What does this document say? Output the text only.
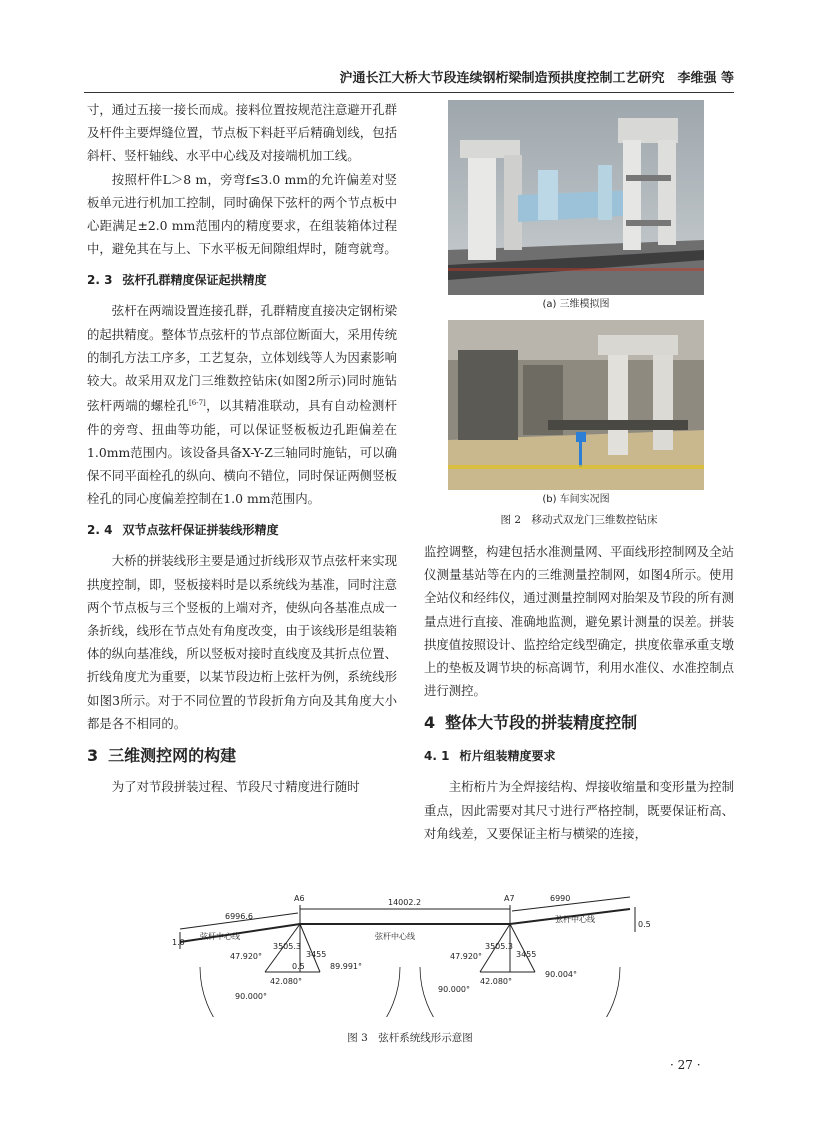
沪通长江大桥大节段连续钢桁梁制造预拱度控制工艺研究　李维强 等

寸，通过五接一接长而成。接料位置按规范注意避开孔群及杆件主要焊缝位置，节点板下料赶平后精确划线，包括斜杆、竖杆轴线、水平中心线及对接端机加工线。

按照杆件L＞8 m，旁弯f≤3.0 mm的允许偏差对竖板单元进行机加工控制，同时确保下弦杆的两个节点板中心距满足±2.0 mm范围内的精度要求，在组装箱体过程中，避免其在与上、下水平板无间隙组焊时，随弯就弯。

2. 3 弦杆孔群精度保证起拱精度

弦杆在两端设置连接孔群，孔群精度直接决定钢桁梁的起拱精度。整体节点弦杆的节点部位断面大，采用传统的制孔方法工序多，工艺复杂，立体划线等人为因素影响较大。故采用双龙门三维数控钻床(如图2所示)同时施钻弦杆两端的螺栓孔[6-7]，以其精准联动，具有自动检测杆件的旁弯、扭曲等功能，可以保证竖板板边孔距偏差在1.0mm范围内。该设备具备X-Y-Z三轴同时施钻，可以确保不同平面栓孔的纵向、横向不错位，同时保证两侧竖板栓孔的同心度偏差控制在1.0 mm范围内。

2. 4 双节点弦杆保证拼装线形精度

大桥的拼装线形主要是通过折线形双节点弦杆来实现拱度控制，即，竖板接料时是以系统线为基准，同时注意两个节点板与三个竖板的上端对齐，使纵向各基准点成一条折线，线形在节点处有角度改变，由于该线形是组装箱体的纵向基准线，所以竖板对接时直线度及其折点位置、折线角度尤为重要，以某节段边桁上弦杆为例，系统线形如图3所示。对于不同位置的节段折角方向及其角度大小都是各不相同的。

3 三维测控网的构建

为了对节段拼装过程、节段尺寸精度进行随时

(a) 三维模拟图
(b) 车间实况图
图 2　移动式双龙门三维数控钻床

监控调整，构建包括水准测量网、平面线形控制网及全站仪测量基站等在内的三维测量控制网，如图4所示。使用全站仪和经纬仪，通过测量控制网对胎架及节段的所有测量点进行直接、准确地监测，避免累计测量的误差。拼装拱度值按照设计、监控给定线型确定，拱度依靠承重支墩上的垫板及调节块的标高调节，利用水准仪、水准控制点进行测控。

4 整体大节段的拼装精度控制
4. 1 桁片组装精度要求

主桁桁片为全焊接结构、焊接收缩量和变形量为控制重点，因此需要对其尺寸进行严格控制，既要保证桁高、对角线差，又要保证主桁与横梁的连接，

A6	A7
14002.2
6996.6
6990
弦杆中心线	弦杆中心线
弦杆中心线
3505.3	3505.3
3455	3455
47.920°	47.920°
42.080°	42.080°
89.991°
90.000°
90.000°
90.004°
1.0
0.5
0.5
图 3　弦杆系统线形示意图
· 27 ·
